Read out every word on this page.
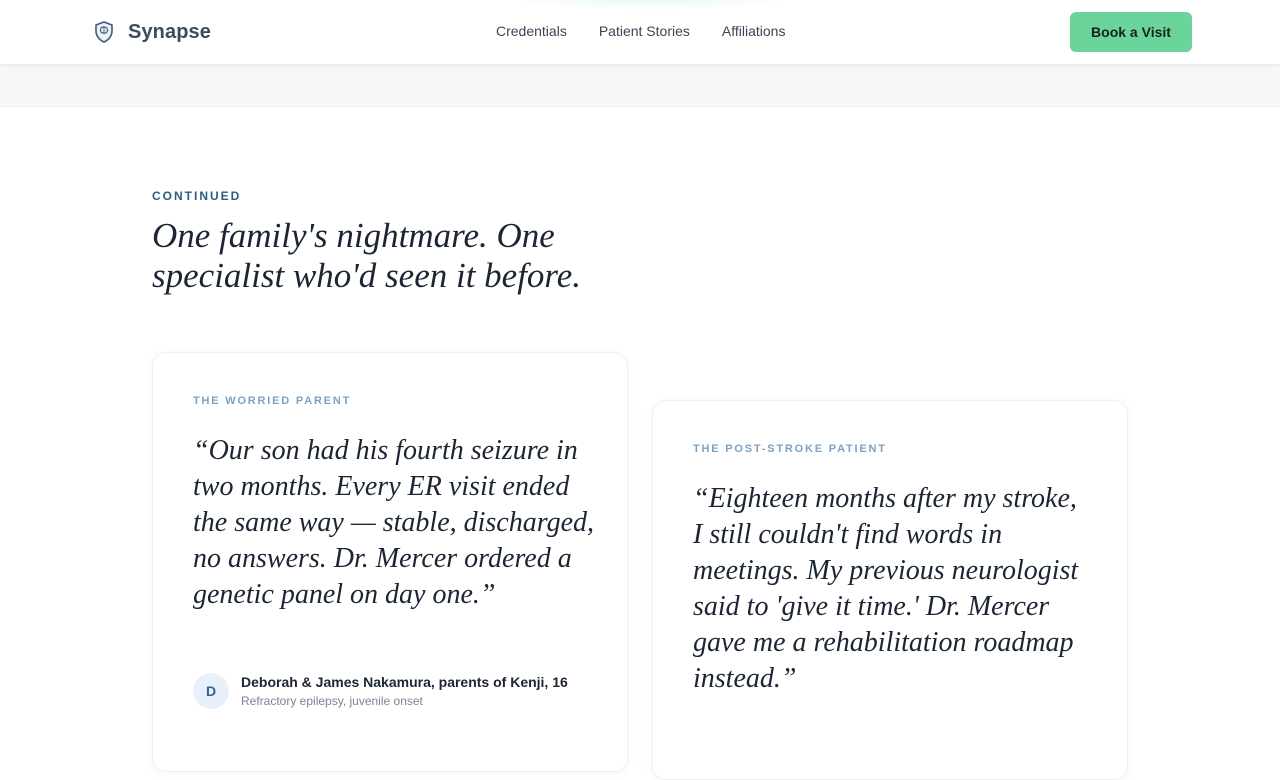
Synapse	Credentials Patient Stories Affiliations	Book a Visit
CONTINUED
One family's nightmare. One specialist who'd seen it before.
THE WORRIED PARENT
“Our son had his fourth seizure in two months. Every ER visit ended the same way — stable, discharged, no answers. Dr. Mercer ordered a genetic panel on day one.”
D
Deborah & James Nakamura, parents of Kenji, 16
Refractory epilepsy, juvenile onset
THE POST-STROKE PATIENT
“Eighteen months after my stroke, I still couldn't find words in meetings. My previous neurologist said to 'give it time.' Dr. Mercer gave me a rehabilitation roadmap instead.”
